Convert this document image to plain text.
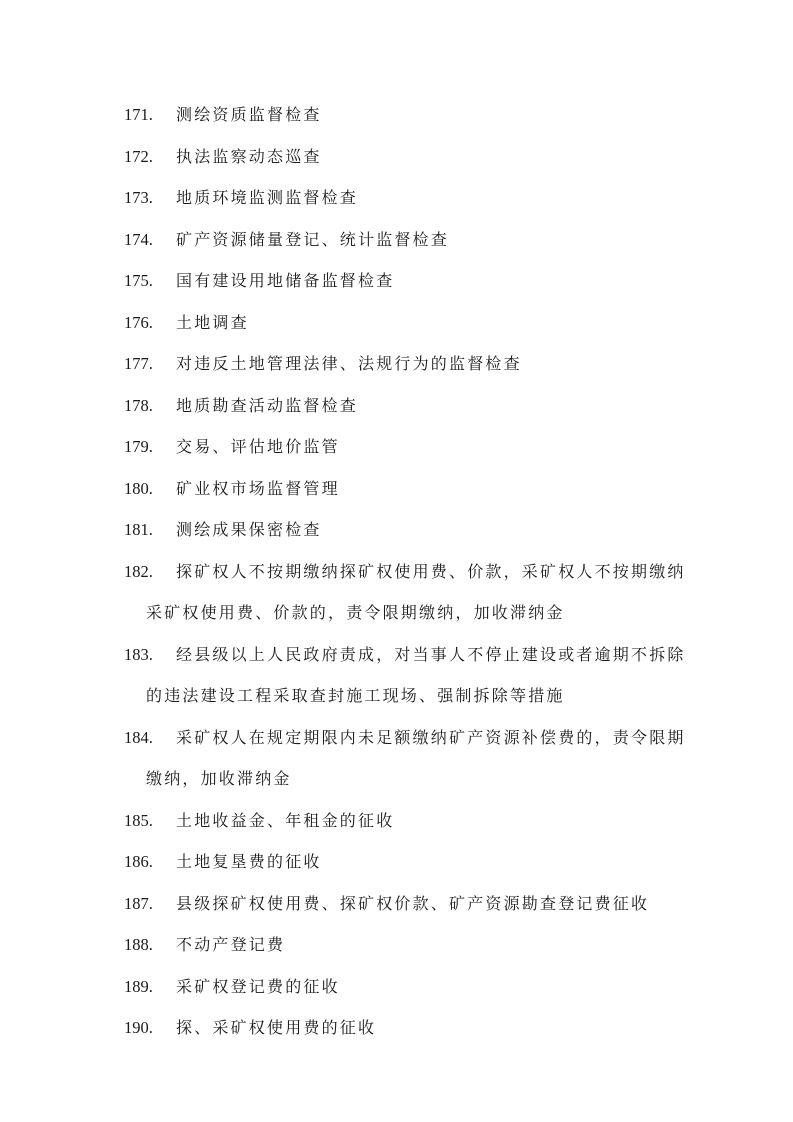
171. 测绘资质监督检查
172. 执法监察动态巡查
173. 地质环境监测监督检查
174. 矿产资源储量登记、统计监督检查
175. 国有建设用地储备监督检查
176. 土地调查
177. 对违反土地管理法律、法规行为的监督检查
178. 地质勘查活动监督检查
179. 交易、评估地价监管
180. 矿业权市场监督管理
181. 测绘成果保密检查
182. 探矿权人不按期缴纳探矿权使用费、价款，采矿权人不按期缴纳
采矿权使用费、价款的，责令限期缴纳，加收滞纳金
183. 经县级以上人民政府责成，对当事人不停止建设或者逾期不拆除
的违法建设工程采取查封施工现场、强制拆除等措施
184. 采矿权人在规定期限内未足额缴纳矿产资源补偿费的，责令限期
缴纳，加收滞纳金
185. 土地收益金、年租金的征收
186. 土地复垦费的征收
187. 县级探矿权使用费、探矿权价款、矿产资源勘查登记费征收
188. 不动产登记费
189. 采矿权登记费的征收
190. 探、采矿权使用费的征收
